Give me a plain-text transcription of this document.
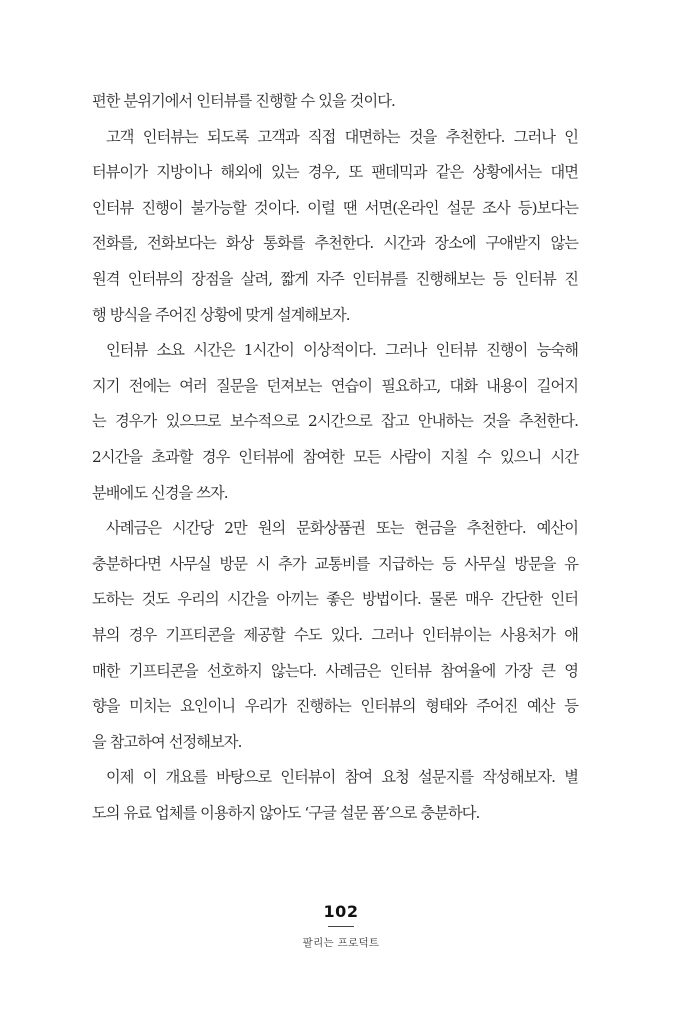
편한 분위기에서 인터뷰를 진행할 수 있을 것이다.
고객 인터뷰는 되도록 고객과 직접 대면하는 것을 추천한다. 그러나 인
터뷰이가 지방이나 해외에 있는 경우, 또 팬데믹과 같은 상황에서는 대면
인터뷰 진행이 불가능할 것이다. 이럴 땐 서면(온라인 설문 조사 등)보다는
전화를, 전화보다는 화상 통화를 추천한다. 시간과 장소에 구애받지 않는
원격 인터뷰의 장점을 살려, 짧게 자주 인터뷰를 진행해보는 등 인터뷰 진
행 방식을 주어진 상황에 맞게 설계해보자.
인터뷰 소요 시간은 1시간이 이상적이다. 그러나 인터뷰 진행이 능숙해
지기 전에는 여러 질문을 던져보는 연습이 필요하고, 대화 내용이 길어지
는 경우가 있으므로 보수적으로 2시간으로 잡고 안내하는 것을 추천한다.
2시간을 초과할 경우 인터뷰에 참여한 모든 사람이 지칠 수 있으니 시간
분배에도 신경을 쓰자.
사례금은 시간당 2만 원의 문화상품권 또는 현금을 추천한다. 예산이
충분하다면 사무실 방문 시 추가 교통비를 지급하는 등 사무실 방문을 유
도하는 것도 우리의 시간을 아끼는 좋은 방법이다. 물론 매우 간단한 인터
뷰의 경우 기프티콘을 제공할 수도 있다. 그러나 인터뷰이는 사용처가 애
매한 기프티콘을 선호하지 않는다. 사례금은 인터뷰 참여율에 가장 큰 영
향을 미치는 요인이니 우리가 진행하는 인터뷰의 형태와 주어진 예산 등
을 참고하여 선정해보자.
이제 이 개요를 바탕으로 인터뷰이 참여 요청 설문지를 작성해보자. 별
도의 유료 업체를 이용하지 않아도 ‘구글 설문 폼’으로 충분하다.
102
팔리는 프로덕트
